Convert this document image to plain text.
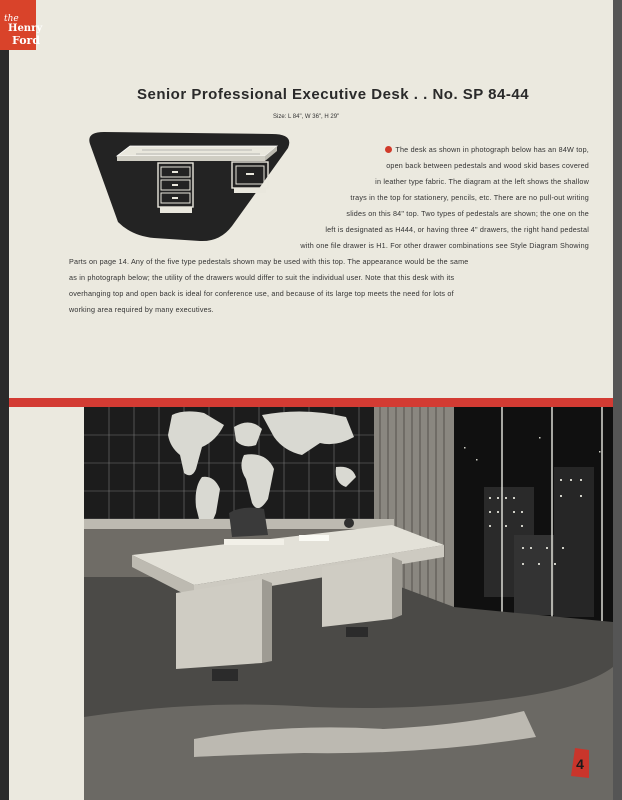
Senior Professional Executive Desk . . No. SP 84-44
Size: L 84", W 36", H 29"
The desk as shown in photograph below has an 84W top,
open back between pedestals and wood skid bases covered
in leather type fabric. The diagram at the left shows the shallow
trays in the top for stationery, pencils, etc. There are no pull-out writing
slides on this 84" top. Two types of pedestals are shown; the one on the
left is designated as H444, or having three 4" drawers, the right hand pedestal
with one file drawer is H1. For other drawer combinations see Style Diagram Showing
Parts on page 14. Any of the five type pedestals shown may be used with this top. The appearance would be the same
as in photograph below; the utility of the drawers would differ to suit the individual user. Note that this desk with its
overhanging top and open back is ideal for conference use, and because of its large top meets the need for lots of
working area required by many executives.
4
the
Henry
Ford
